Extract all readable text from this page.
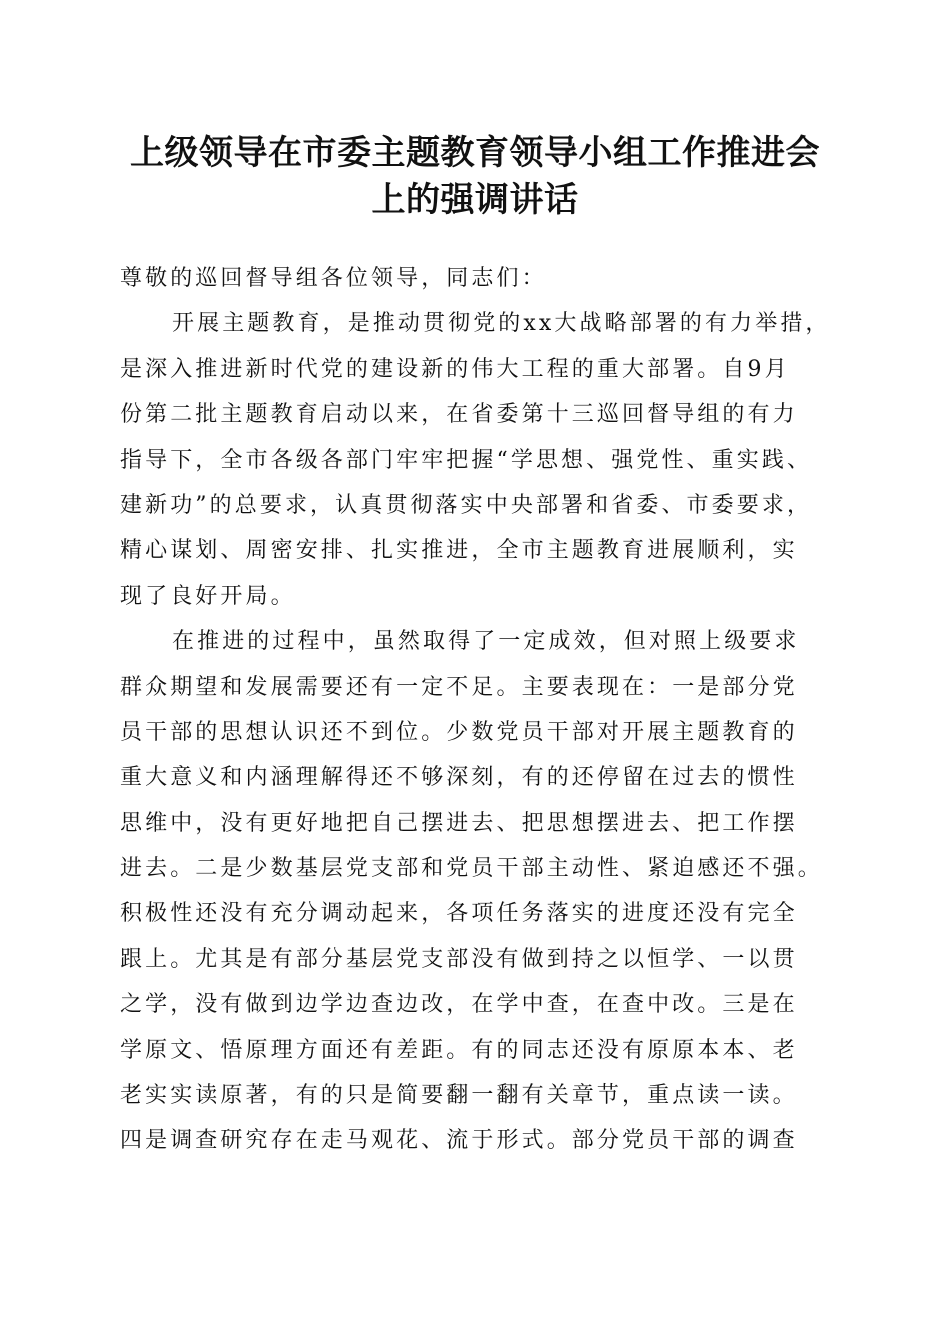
上级领导在市委主题教育领导小组工作推进会
上的强调讲话
尊敬的巡回督导组各位领导，同志们：
开展主题教育，是推动贯彻党的xx大战略部署的有力举措，
是深入推进新时代党的建设新的伟大工程的重大部署。自9月
份第二批主题教育启动以来，在省委第十三巡回督导组的有力
指导下，全市各级各部门牢牢把握“学思想、强党性、重实践、
建新功”的总要求，认真贯彻落实中央部署和省委、市委要求，
精心谋划、周密安排、扎实推进，全市主题教育进展顺利，实
现了良好开局。
在推进的过程中，虽然取得了一定成效，但对照上级要求
群众期望和发展需要还有一定不足。主要表现在：一是部分党
员干部的思想认识还不到位。少数党员干部对开展主题教育的
重大意义和内涵理解得还不够深刻，有的还停留在过去的惯性
思维中，没有更好地把自己摆进去、把思想摆进去、把工作摆
进去。二是少数基层党支部和党员干部主动性、紧迫感还不强。
积极性还没有充分调动起来，各项任务落实的进度还没有完全
跟上。尤其是有部分基层党支部没有做到持之以恒学、一以贯
之学，没有做到边学边查边改，在学中查，在查中改。三是在
学原文、悟原理方面还有差距。有的同志还没有原原本本、老
老实实读原著，有的只是简要翻一翻有关章节，重点读一读。
四是调查研究存在走马观花、流于形式。部分党员干部的调查
